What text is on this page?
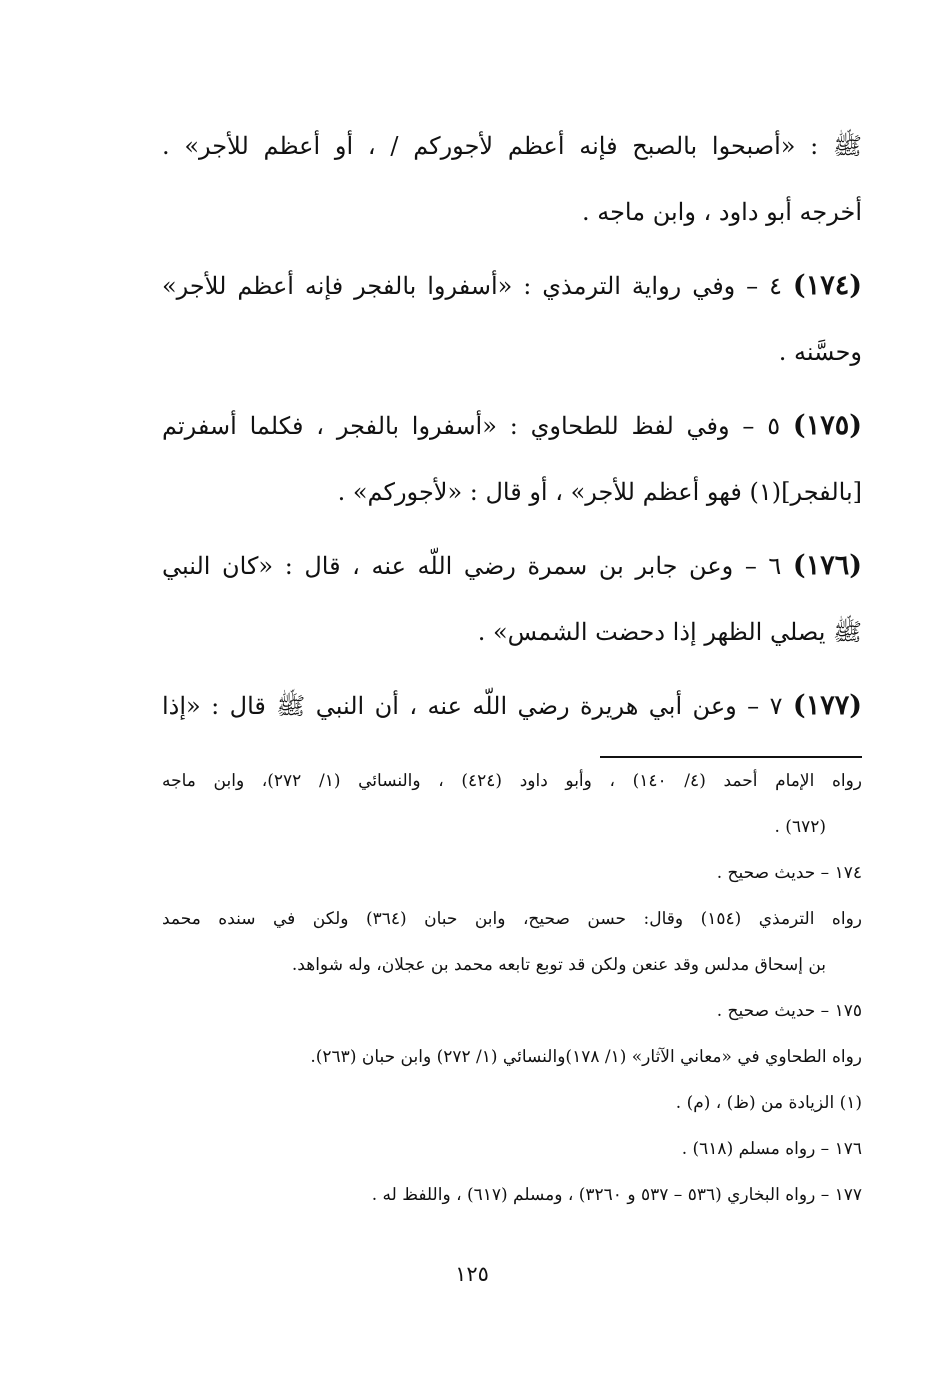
ﷺ : «أصبحوا بالصبح فإنه أعظم لأجوركم / ، أو أعظم للأجر» .
أخرجه أبو داود ، وابن ماجه .
(١٧٤) ٤ – وفي رواية الترمذي : «أسفروا بالفجر فإنه أعظم للأجر»
وحسَّنه .
(١٧٥) ٥ – وفي لفظ للطحاوي : «أسفروا بالفجر ، فكلما أسفرتم
[بالفجر](١) فهو أعظم للأجر» ، أو قال : «لأجوركم» .
(١٧٦) ٦ – وعن جابر بن سمرة رضي اللّه عنه ، قال : «كان النبي
ﷺ يصلي الظهر إذا دحضت الشمس» .
(١٧٧) ٧ – وعن أبي هريرة رضي اللّه عنه ، أن النبي ﷺ قال : «إذا
رواه الإمام أحمد (٤/ ١٤٠) ، وأبو داود (٤٢٤) ، والنسائي (١/ ٢٧٢)، وابن ماجه
(٦٧٢) .
١٧٤ – حديث صحيح .
رواه الترمذي (١٥٤) وقال: حسن صحيح، وابن حبان (٣٦٤) ولكن في سنده محمد
بن إسحاق مدلس وقد عنعن ولكن قد توبع تابعه محمد بن عجلان، وله شواهد.
١٧٥ – حديث صحيح .
رواه الطحاوي في «معاني الآثار» (١/ ١٧٨)والنسائي (١/ ٢٧٢) وابن حبان (٢٦٣).
(١) الزيادة من (ظ) ، (م) .
١٧٦ – رواه مسلم (٦١٨) .
١٧٧ – رواه البخاري (٥٣٦ – ٥٣٧ و ٣٢٦٠) ، ومسلم (٦١٧) ، واللفظ له .
١٢٥
